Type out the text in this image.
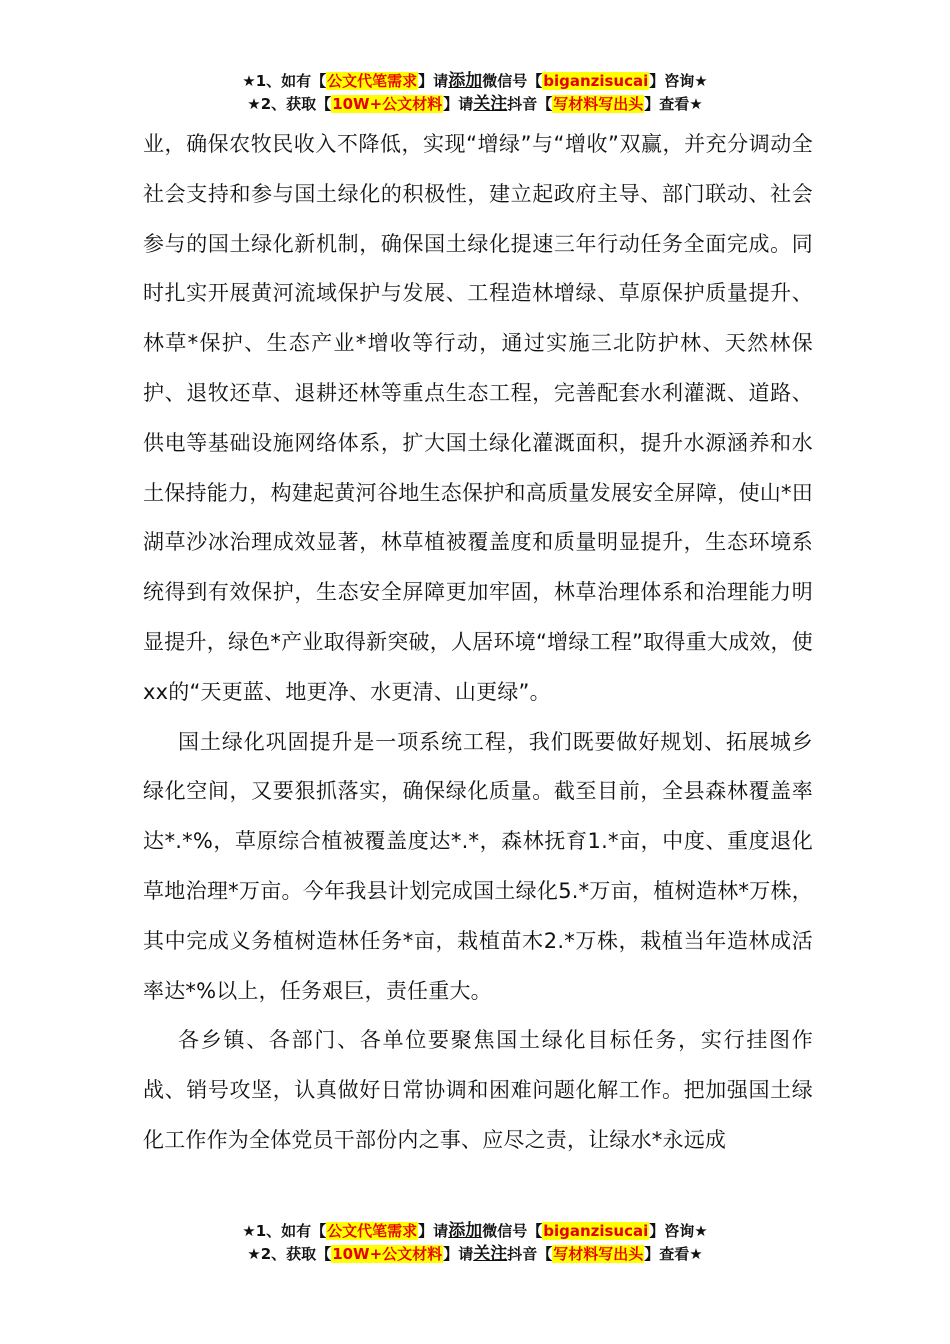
★1、如有【公文代笔需求】请添加微信号【biganzisucai】咨询★
★2、获取【10W+公文材料】请关注抖音【写材料写出头】查看★

业，确保农牧民收入不降低，实现“增绿”与“增收”双赢，并充分调动全社会支持和参与国土绿化的积极性，建立起政府主导、部门联动、社会参与的国土绿化新机制，确保国土绿化提速三年行动任务全面完成。同时扎实开展黄河流域保护与发展、工程造林增绿、草原保护质量提升、林草*保护、生态产业*增收等行动，通过实施三北防护林、天然林保护、退牧还草、退耕还林等重点生态工程，完善配套水利灌溉、道路、供电等基础设施网络体系，扩大国土绿化灌溉面积，提升水源涵养和水土保持能力，构建起黄河谷地生态保护和高质量发展安全屏障，使山*田湖草沙冰治理成效显著，林草植被覆盖度和质量明显提升，生态环境系统得到有效保护，生态安全屏障更加牢固，林草治理体系和治理能力明显提升，绿色*产业取得新突破，人居环境“增绿工程”取得重大成效，使xx的“天更蓝、地更净、水更清、山更绿”。

国土绿化巩固提升是一项系统工程，我们既要做好规划、拓展城乡绿化空间，又要狠抓落实，确保绿化质量。截至目前，全县森林覆盖率达*.*%，草原综合植被覆盖度达*.*，森林抚育1.*亩，中度、重度退化草地治理*万亩。今年我县计划完成国土绿化5.*万亩，植树造林*万株，其中完成义务植树造林任务*亩，栽植苗木2.*万株，栽植当年造林成活率达*%以上，任务艰巨，责任重大。

各乡镇、各部门、各单位要聚焦国土绿化目标任务，实行挂图作战、销号攻坚，认真做好日常协调和困难问题化解工作。把加强国土绿化工作作为全体党员干部份内之事、应尽之责，让绿水*永远成

★1、如有【公文代笔需求】请添加微信号【biganzisucai】咨询★
★2、获取【10W+公文材料】请关注抖音【写材料写出头】查看★
